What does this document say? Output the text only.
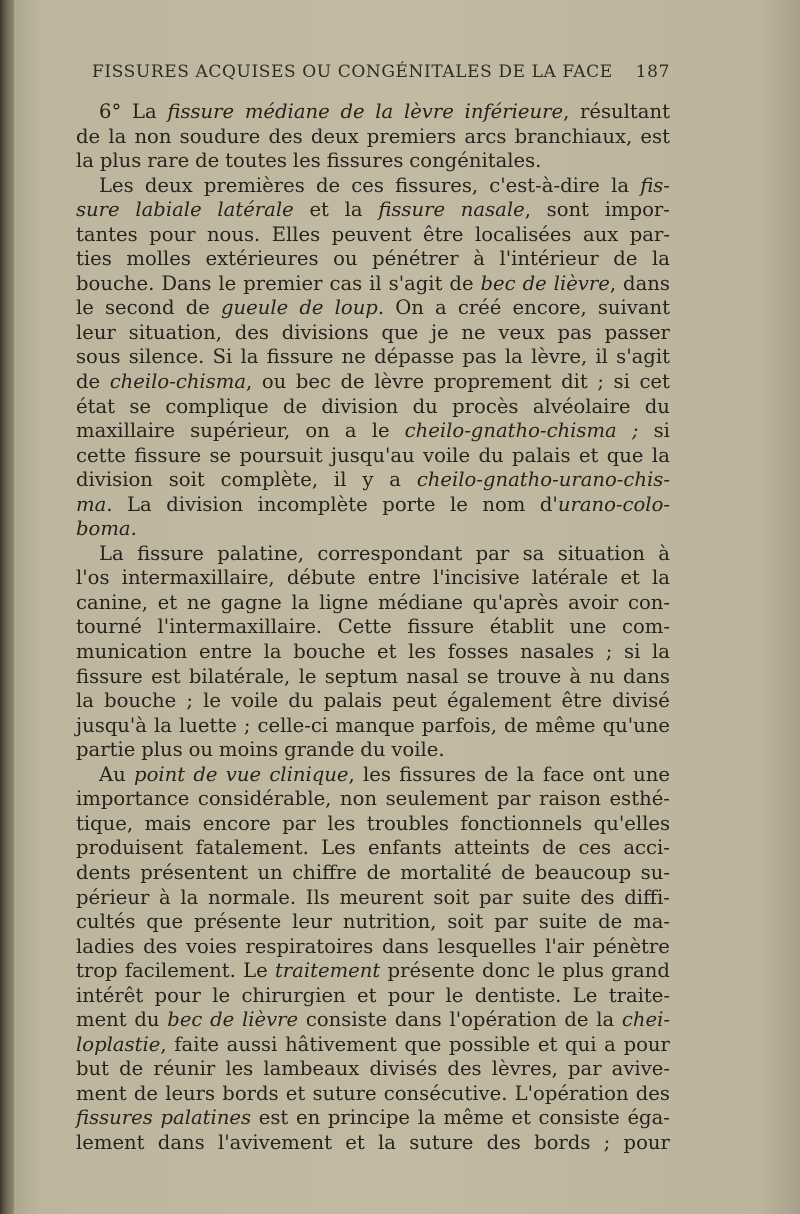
FISSURES ACQUISES OU CONGÉNITALES DE LA FACE 187
6° La fissure médiane de la lèvre inférieure, résultant
de la non soudure des deux premiers arcs branchiaux, est
la plus rare de toutes les fissures congénitales.
Les deux premières de ces fissures, c'est-à-dire la fis-
sure labiale latérale et la fissure nasale, sont impor-
tantes pour nous. Elles peuvent être localisées aux par-
ties molles extérieures ou pénétrer à l'intérieur de la
bouche. Dans le premier cas il s'agit de bec de lièvre, dans
le second de gueule de loup. On a créé encore, suivant
leur situation, des divisions que je ne veux pas passer
sous silence. Si la fissure ne dépasse pas la lèvre, il s'agit
de cheilo-chisma, ou bec de lèvre proprement dit ; si cet
état se complique de division du procès alvéolaire du
maxillaire supérieur, on a le cheilo-gnatho-chisma ; si
cette fissure se poursuit jusqu'au voile du palais et que la
division soit complète, il y a cheilo-gnatho-urano-chis-
ma. La division incomplète porte le nom d'urano-colo-
boma.
La fissure palatine, correspondant par sa situation à
l'os intermaxillaire, débute entre l'incisive latérale et la
canine, et ne gagne la ligne médiane qu'après avoir con-
tourné l'intermaxillaire. Cette fissure établit une com-
munication entre la bouche et les fosses nasales ; si la
fissure est bilatérale, le septum nasal se trouve à nu dans
la bouche ; le voile du palais peut également être divisé
jusqu'à la luette ; celle-ci manque parfois, de même qu'une
partie plus ou moins grande du voile.
Au point de vue clinique, les fissures de la face ont une
importance considérable, non seulement par raison esthé-
tique, mais encore par les troubles fonctionnels qu'elles
produisent fatalement. Les enfants atteints de ces acci-
dents présentent un chiffre de mortalité de beaucoup su-
périeur à la normale. Ils meurent soit par suite des diffi-
cultés que présente leur nutrition, soit par suite de ma-
ladies des voies respiratoires dans lesquelles l'air pénètre
trop facilement. Le traitement présente donc le plus grand
intérêt pour le chirurgien et pour le dentiste. Le traite-
ment du bec de lièvre consiste dans l'opération de la chei-
loplastie, faite aussi hâtivement que possible et qui a pour
but de réunir les lambeaux divisés des lèvres, par avive-
ment de leurs bords et suture consécutive. L'opération des
fissures palatines est en principe la même et consiste éga-
lement dans l'avivement et la suture des bords ; pour
